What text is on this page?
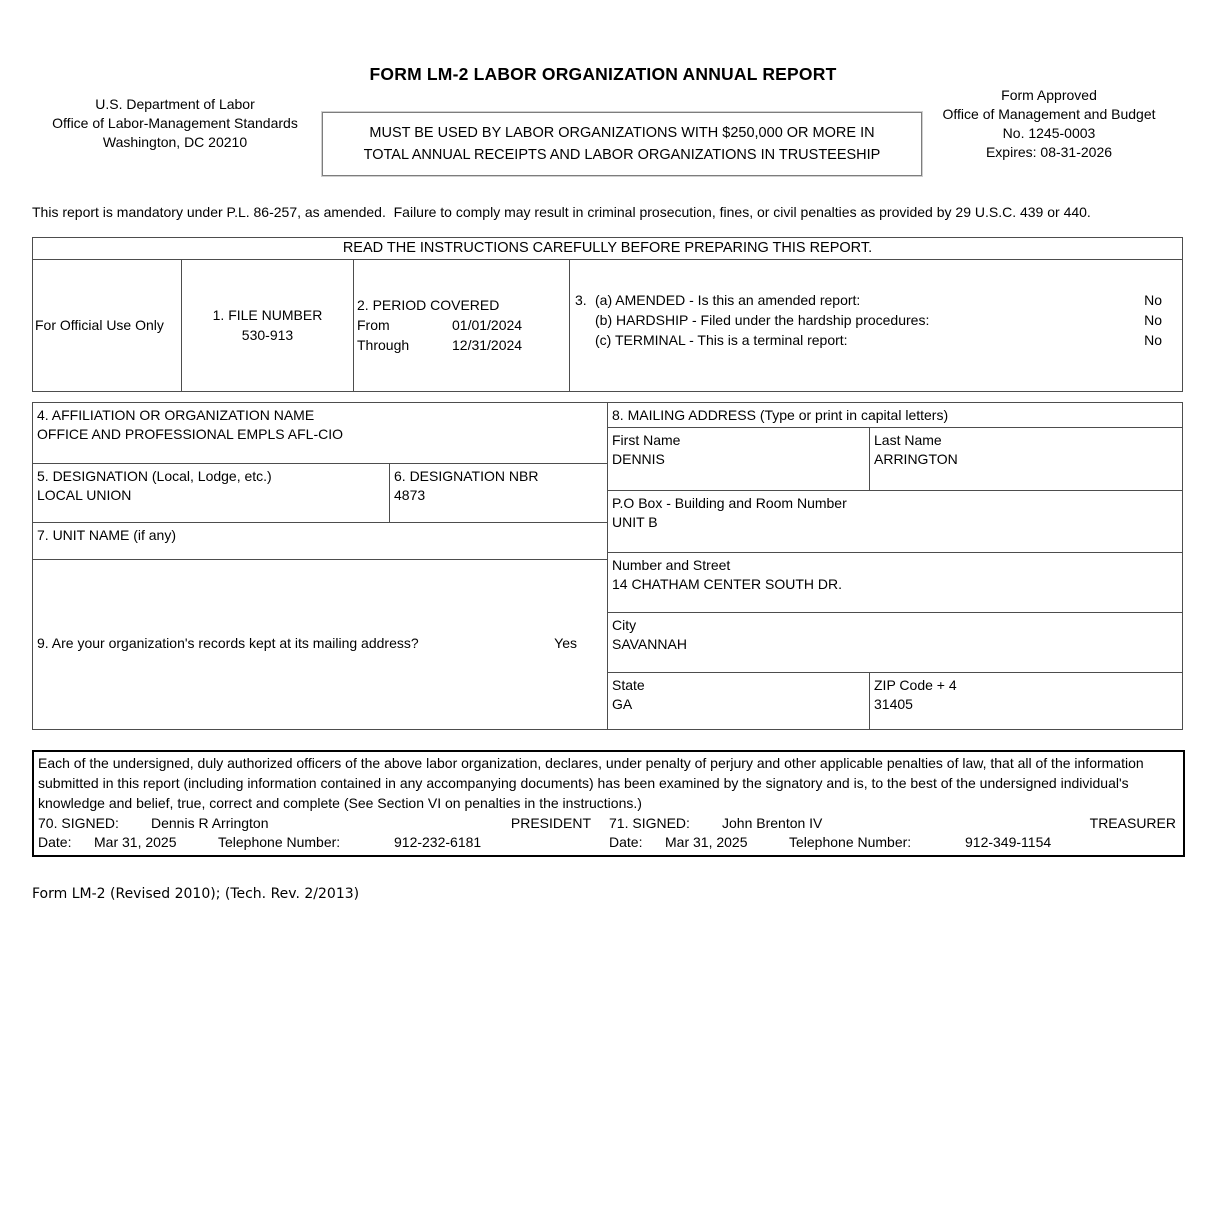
FORM LM-2 LABOR ORGANIZATION ANNUAL REPORT
U.S. Department of Labor
Office of Labor-Management Standards
Washington, DC 20210
MUST BE USED BY LABOR ORGANIZATIONS WITH $250,000 OR MORE IN
TOTAL ANNUAL RECEIPTS AND LABOR ORGANIZATIONS IN TRUSTEESHIP
Form Approved
Office of Management and Budget
No. 1245-0003
Expires: 08-31-2026
This report is mandatory under P.L. 86-257, as amended.  Failure to comply may result in criminal prosecution, fines, or civil penalties as provided by 29 U.S.C. 439 or 440.
READ THE INSTRUCTIONS CAREFULLY BEFORE PREPARING THIS REPORT.
For Official Use Only	
1. FILE NUMBER
530-913

2. PERIOD COVERED
From	01/01/2024
Through	12/31/2024

3. (a) AMENDED - Is this an amended report:	No
(b) HARDSHIP - Filed under the hardship procedures:	No
(c) TERMINAL - This is a terminal report:	No
4. AFFILIATION OR ORGANIZATION NAME
OFFICE AND PROFESSIONAL EMPLS AFL-CIO
5. DESIGNATION (Local, Lodge, etc.)
LOCAL UNION
6. DESIGNATION NBR
4873
7. UNIT NAME (if any)
9. Are your organization's records kept at its mailing address?	Yes
8. MAILING ADDRESS (Type or print in capital letters)
First Name
DENNIS
Last Name
ARRINGTON
P.O Box - Building and Room Number
UNIT B
Number and Street
14 CHATHAM CENTER SOUTH DR.
City
SAVANNAH
State
GA
ZIP Code + 4
31405
Each of the undersigned, duly authorized officers of the above labor organization, declares, under penalty of perjury and other applicable penalties of law, that all of the information submitted in this report (including information contained in any accompanying documents) has been examined by the signatory and is, to the best of the undersigned individual's knowledge and belief, true, correct and complete (See Section VI on penalties in the instructions.)
70. SIGNED:	Dennis R Arrington	PRESIDENT	71. SIGNED:	John Brenton IV	TREASURER
Date:	Mar 31, 2025	Telephone Number:	912-232-6181	Date:	Mar 31, 2025	Telephone Number:	912-349-1154
Form LM-2 (Revised 2010); (Tech. Rev. 2/2013)
